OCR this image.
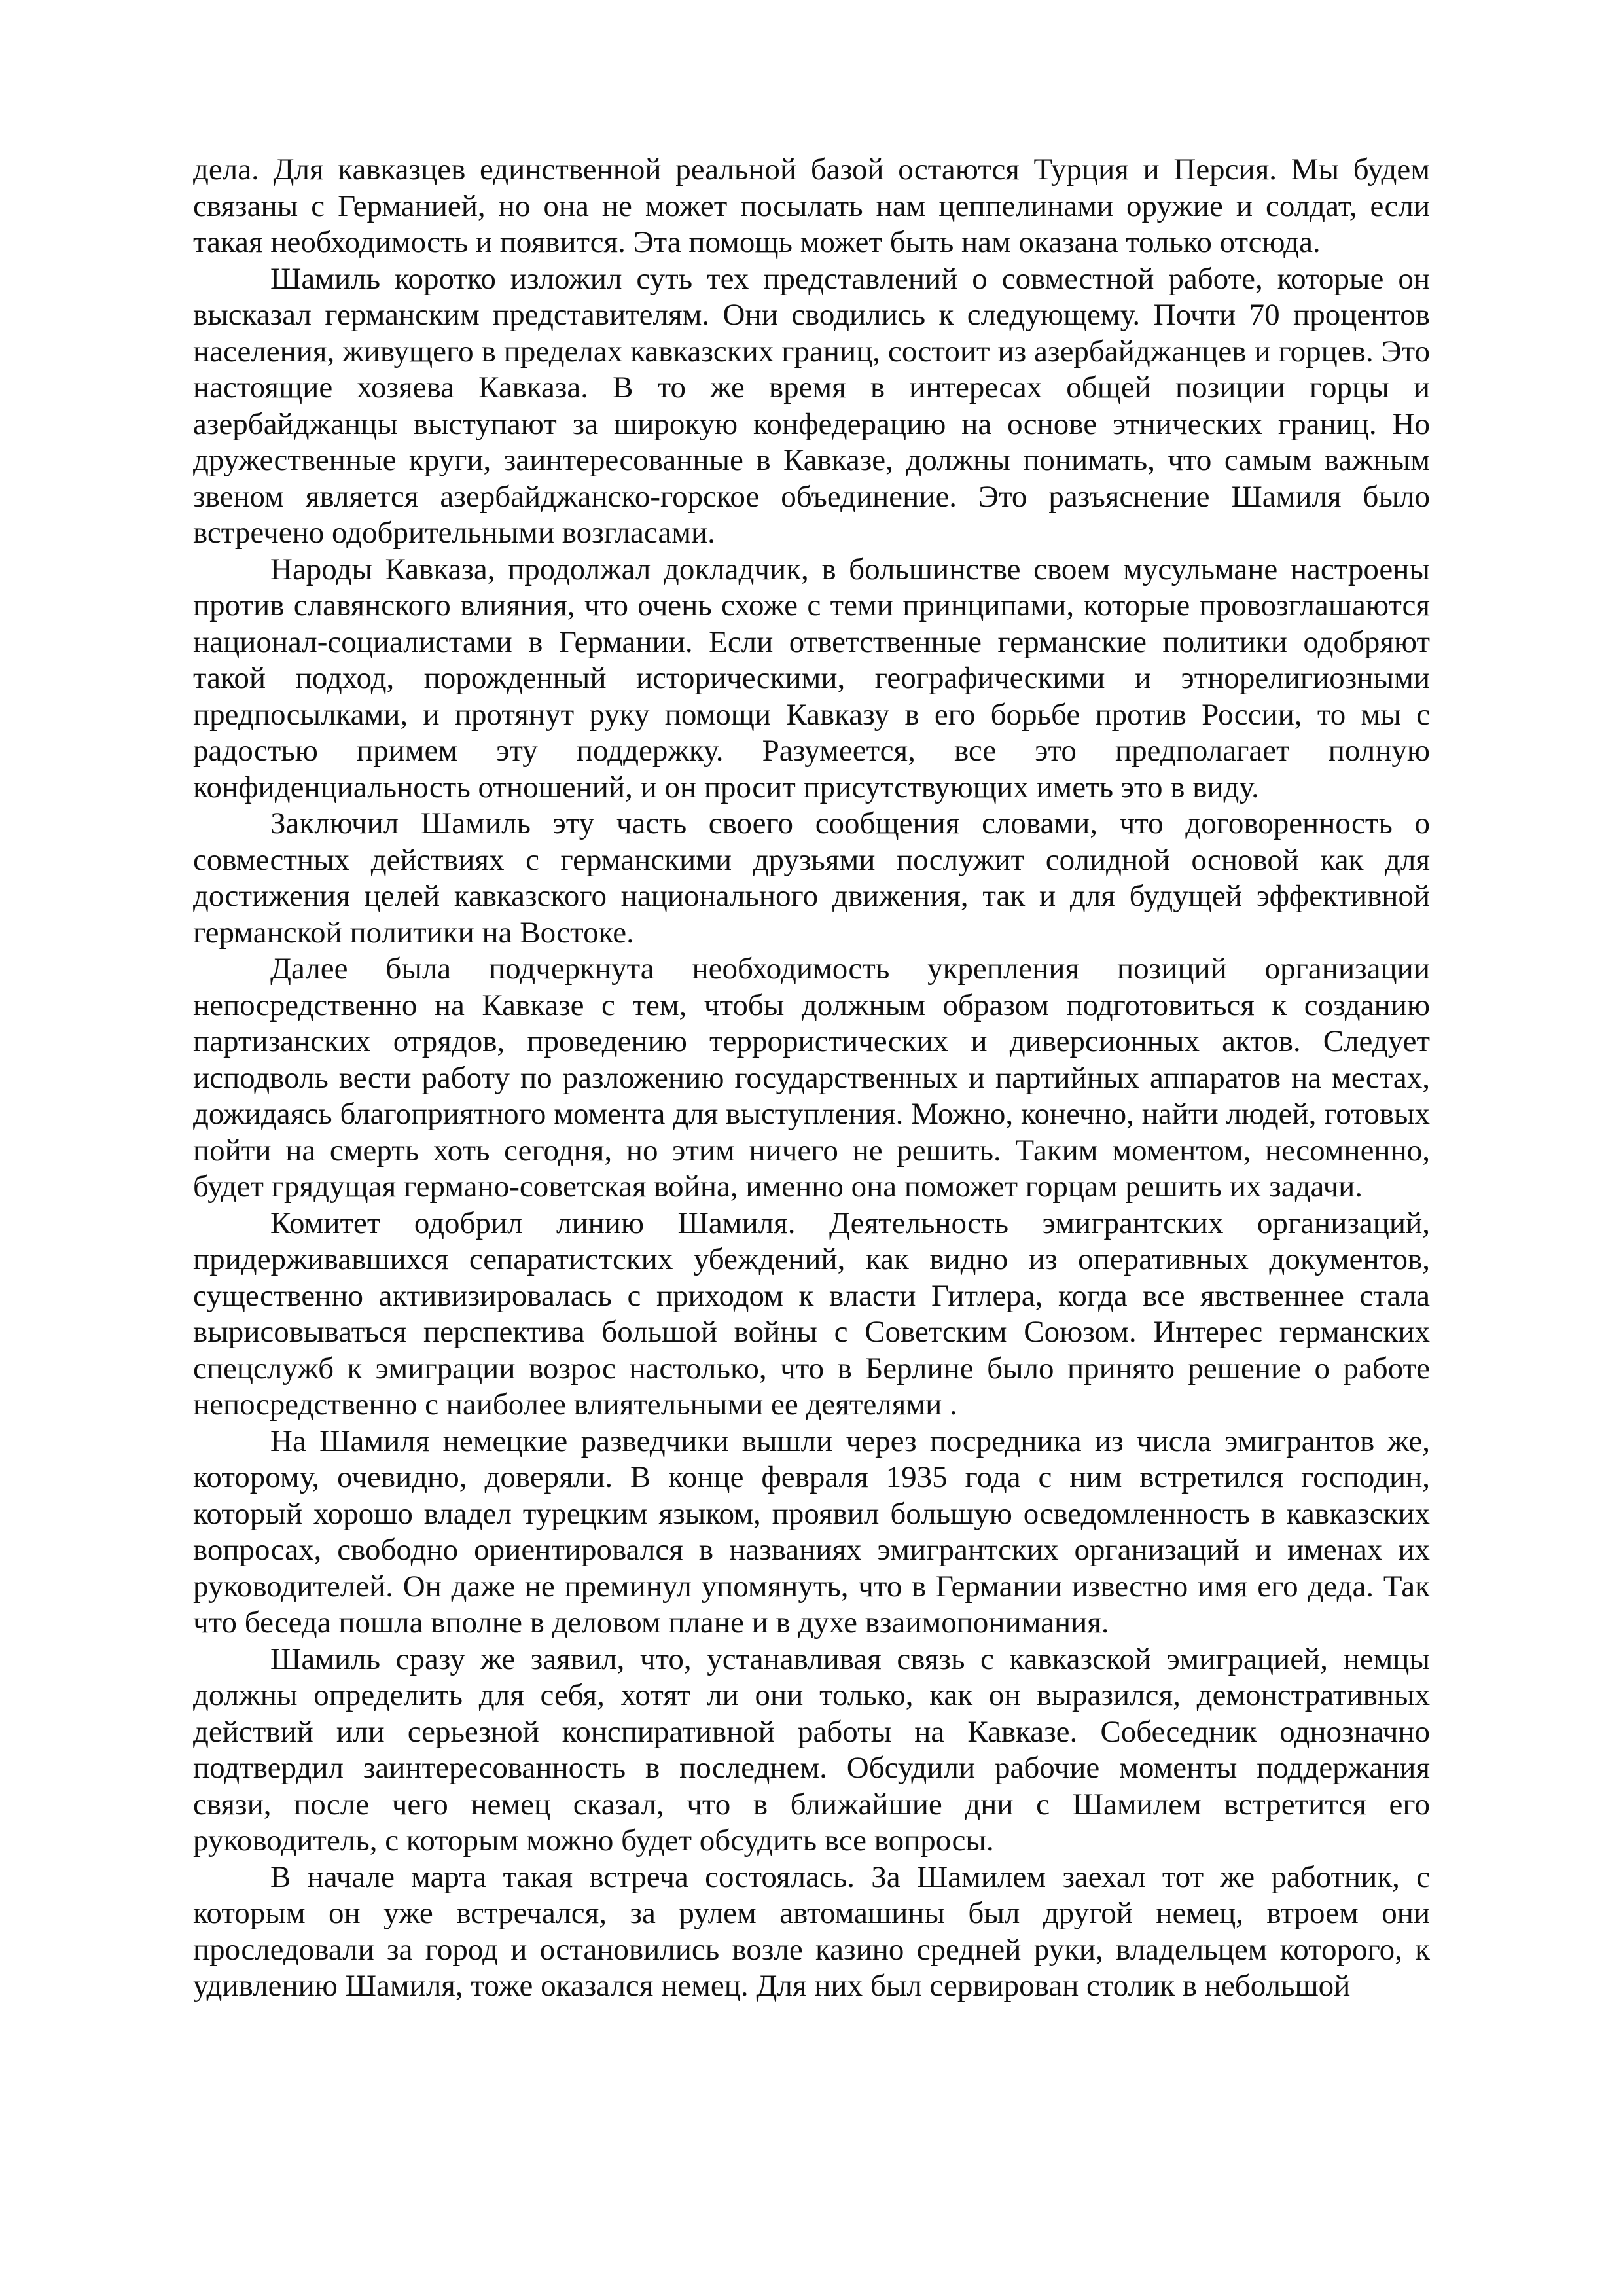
дела. Для кавказцев единственной реальной базой остаются Турция и Персия. Мы будем связаны с Германией, но она не может посылать нам цеппелинами оружие и солдат, если такая необходимость и появится. Эта помощь может быть нам оказана только отсюда.

Шамиль коротко изложил суть тех представлений о совместной работе, которые он высказал германским представителям. Они сводились к следующему. Почти 70 процентов населения, живущего в пределах кавказских границ, состоит из азербайджанцев и горцев. Это настоящие хозяева Кавказа. В то же время в интересах общей позиции горцы и азербайджанцы выступают за широкую конфедерацию на основе этнических границ. Но дружественные круги, заинтересованные в Кавказе, должны понимать, что самым важным звеном является азербайджанско-горское объединение. Это разъяснение Шамиля было встречено одобрительными возгласами.

Народы Кавказа, продолжал докладчик, в большинстве своем мусульмане настроены против славянского влияния, что очень схоже с теми принципами, которые провозглашаются национал-социалистами в Германии. Если ответственные германские политики одобряют такой подход, порожденный историческими, географическими и этнорелигиозными предпосылками, и протянут руку помощи Кавказу в его борьбе против России, то мы с радостью примем эту поддержку. Разумеется, все это предполагает полную конфиденциальность отношений, и он просит присутствующих иметь это в виду.

Заключил Шамиль эту часть своего сообщения словами, что договоренность о совместных действиях с германскими друзьями послужит солидной основой как для достижения целей кавказского национального движения, так и для будущей эффективной германской политики на Востоке.

Далее была подчеркнута необходимость укрепления позиций организации непосредственно на Кавказе с тем, чтобы должным образом подготовиться к созданию партизанских отрядов, проведению террористических и диверсионных актов. Следует исподволь вести работу по разложению государственных и партийных аппаратов на местах, дожидаясь благоприятного момента для выступления. Можно, конечно, найти людей, готовых пойти на смерть хоть сегодня, но этим ничего не решить. Таким моментом, несомненно, будет грядущая германо-советская война, именно она поможет горцам решить их задачи.

Комитет одобрил линию Шамиля. Деятельность эмигрантских организаций, придерживавшихся сепаратистских убеждений, как видно из оперативных документов, существенно активизировалась с приходом к власти Гитлера, когда все явственнее стала вырисовываться перспектива большой войны с Советским Союзом. Интерес германских спецслужб к эмиграции возрос настолько, что в Берлине было принято решение о работе непосредственно с наиболее влиятельными ее деятелями .

На Шамиля немецкие разведчики вышли через посредника из числа эмигрантов же, которому, очевидно, доверяли. В конце февраля 1935 года с ним встретился господин, который хорошо владел турецким языком, проявил большую осведомленность в кавказских вопросах, свободно ориентировался в названиях эмигрантских организаций и именах их руководителей. Он даже не преминул упомянуть, что в Германии известно имя его деда. Так что беседа пошла вполне в деловом плане и в духе взаимопонимания.

Шамиль сразу же заявил, что, устанавливая связь с кавказской эмиграцией, немцы должны определить для себя, хотят ли они только, как он выразился, демонстративных действий или серьезной конспиративной работы на Кавказе. Собеседник однозначно подтвердил заинтересованность в последнем. Обсудили рабочие моменты поддержания связи, после чего немец сказал, что в ближайшие дни с Шамилем встретится его руководитель, с которым можно будет обсудить все вопросы.

В начале марта такая встреча состоялась. За Шамилем заехал тот же работник, с которым он уже встречался, за рулем автомашины был другой немец, втроем они проследовали за город и остановились возле казино средней руки, владельцем которого, к удивлению Шамиля, тоже оказался немец. Для них был сервирован столик в небольшой
